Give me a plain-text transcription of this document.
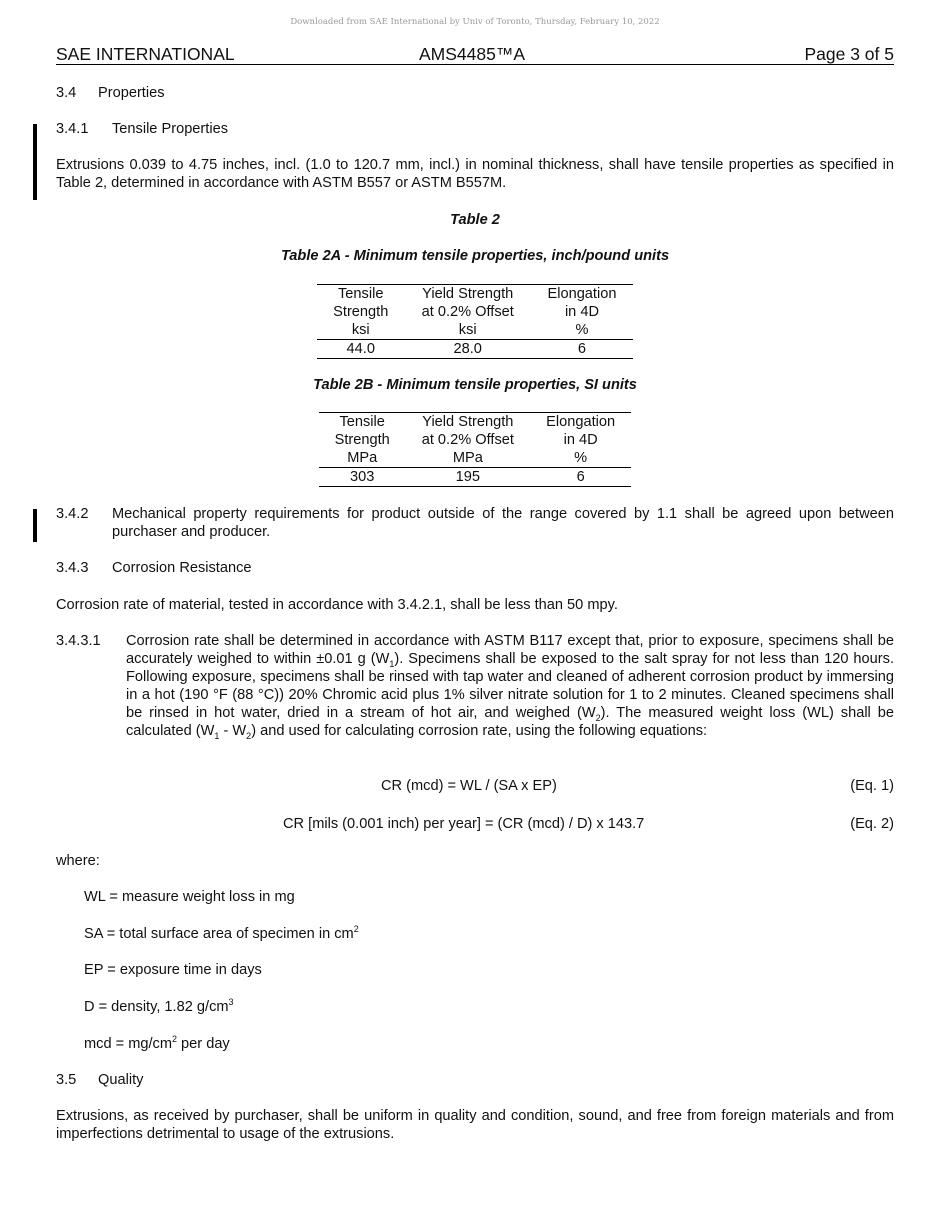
Downloaded from SAE International by Univ of Toronto, Thursday, February 10, 2022
SAE INTERNATIONAL	AMS4485™A	Page 3 of 5
3.4 Properties
3.4.1 Tensile Properties
Extrusions 0.039 to 4.75 inches, incl. (1.0 to 120.7 mm, incl.) in nominal thickness, shall have tensile properties as specified in Table 2, determined in accordance with ASTM B557 or ASTM B557M.
Table 2
Table 2A - Minimum tensile properties, inch/pound units
Tensile	Yield Strength	Elongation
Strength	at 0.2% Offset	in 4D
ksi	ksi	%
44.0	28.0	6
Table 2B - Minimum tensile properties, SI units
Tensile	Yield Strength	Elongation
Strength	at 0.2% Offset	in 4D
MPa	MPa	%
303	195	6
3.4.2 Mechanical property requirements for product outside of the range covered by 1.1 shall be agreed upon between
purchaser and producer.
3.4.3 Corrosion Resistance
Corrosion rate of material, tested in accordance with 3.4.2.1, shall be less than 50 mpy.
3.4.3.1 Corrosion rate shall be determined in accordance with ASTM B117 except that, prior to exposure, specimens shall be accurately weighed to within ±0.01 g $(W_1)$. Specimens shall be exposed to the salt spray for not less than 120 hours. Following exposure, specimens shall be rinsed with tap water and cleaned of adherent corrosion product by immersing in a hot (190 °F (88 °C)) 20% Chromic acid plus 1% silver nitrate solution for 1 to 2 minutes. Cleaned specimens shall be rinsed in hot water, dried in a stream of hot air, and weighed $(W_2)$. The measured weight loss (WL) shall be calculated $(W_1 - W_2)$ and used for calculating corrosion rate, using the following equations:
CR (mcd) = WL / (SA x EP)	(Eq. 1)
CR [mils (0.001 inch) per year] = (CR (mcd) / D) x 143.7	(Eq. 2)
where:
WL = measure weight loss in mg
SA = total surface area of specimen in $cm^2$
EP = exposure time in days
D = density, 1.82 $g/cm^3$
mcd = $mg/cm^2$ per day
3.5 Quality
Extrusions, as received by purchaser, shall be uniform in quality and condition, sound, and free from foreign materials and from imperfections detrimental to usage of the extrusions.
